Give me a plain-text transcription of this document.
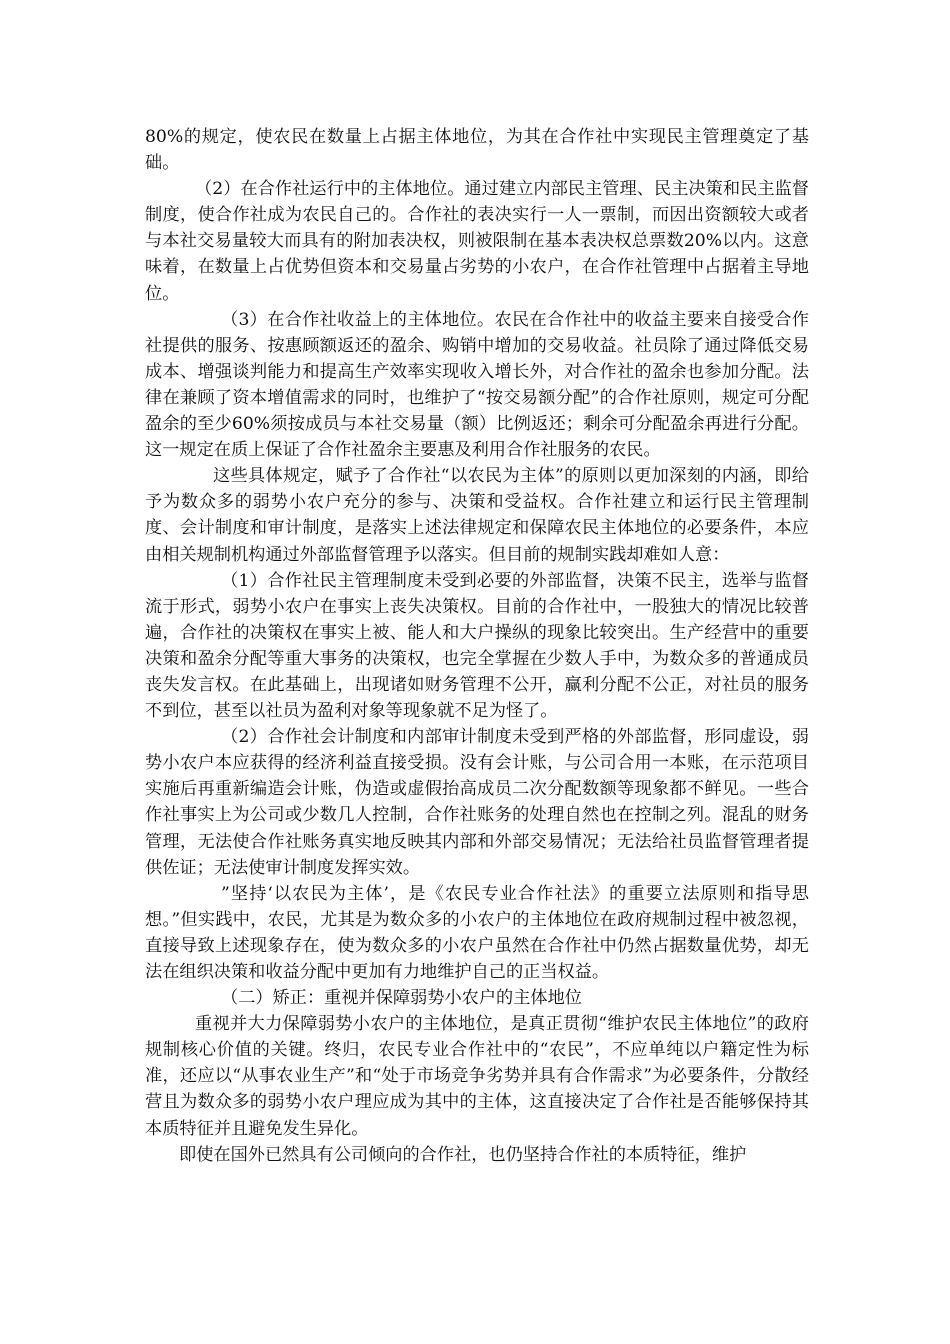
80%的规定，使农民在数量上占据主体地位，为其在合作社中实现民主管理奠定了基础。

（2）在合作社运行中的主体地位。通过建立内部民主管理、民主决策和民主监督制度，使合作社成为农民自己的。合作社的表决实行一人一票制，而因出资额较大或者与本社交易量较大而具有的附加表决权，则被限制在基本表决权总票数20%以内。这意味着，在数量上占优势但资本和交易量占劣势的小农户，在合作社管理中占据着主导地位。

（3）在合作社收益上的主体地位。农民在合作社中的收益主要来自接受合作社提供的服务、按惠顾额返还的盈余、购销中增加的交易收益。社员除了通过降低交易成本、增强谈判能力和提高生产效率实现收入增长外，对合作社的盈余也参加分配。法律在兼顾了资本增值需求的同时，也维护了“按交易额分配”的合作社原则，规定可分配盈余的至少60%须按成员与本社交易量（额）比例返还；剩余可分配盈余再进行分配。这一规定在质上保证了合作社盈余主要惠及利用合作社服务的农民。

这些具体规定，赋予了合作社“以农民为主体”的原则以更加深刻的内涵，即给予为数众多的弱势小农户充分的参与、决策和受益权。合作社建立和运行民主管理制度、会计制度和审计制度，是落实上述法律规定和保障农民主体地位的必要条件，本应由相关规制机构通过外部监督管理予以落实。但目前的规制实践却难如人意：

（1）合作社民主管理制度未受到必要的外部监督，决策不民主，选举与监督流于形式，弱势小农户在事实上丧失决策权。目前的合作社中，一股独大的情况比较普遍，合作社的决策权在事实上被、能人和大户操纵的现象比较突出。生产经营中的重要决策和盈余分配等重大事务的决策权，也完全掌握在少数人手中，为数众多的普通成员丧失发言权。在此基础上，出现诸如财务管理不公开，赢利分配不公正，对社员的服务不到位，甚至以社员为盈利对象等现象就不足为怪了。

（2）合作社会计制度和内部审计制度未受到严格的外部监督，形同虚设，弱势小农户本应获得的经济利益直接受损。没有会计账，与公司合用一本账，在示范项目实施后再重新编造会计账，伪造或虚假抬高成员二次分配数额等现象都不鲜见。一些合作社事实上为公司或少数几人控制，合作社账务的处理自然也在控制之列。混乱的财务管理，无法使合作社账务真实地反映其内部和外部交易情况；无法给社员监督管理者提供佐证；无法使审计制度发挥实效。

”坚持‘以农民为主体’，是《农民专业合作社法》的重要立法原则和指导思想。”但实践中，农民，尤其是为数众多的小农户的主体地位在政府规制过程中被忽视，直接导致上述现象存在，使为数众多的小农户虽然在合作社中仍然占据数量优势，却无法在组织决策和收益分配中更加有力地维护自己的正当权益。

（二）矫正：重视并保障弱势小农户的主体地位

重视并大力保障弱势小农户的主体地位，是真正贯彻“维护农民主体地位”的政府规制核心价值的关键。终归，农民专业合作社中的“农民”，不应单纯以户籍定性为标准，还应以“从事农业生产”和“处于市场竞争劣势并具有合作需求”为必要条件，分散经营且为数众多的弱势小农户理应成为其中的主体，这直接决定了合作社是否能够保持其本质特征并且避免发生异化。

即使在国外已然具有公司倾向的合作社，也仍坚持合作社的本质特征，维护
